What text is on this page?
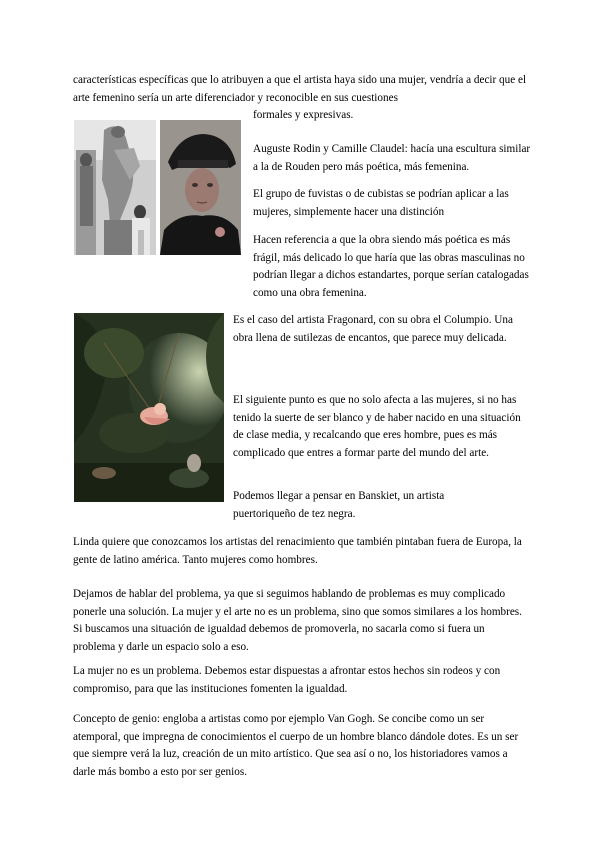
características específicas que lo atribuyen a que el artista haya sido una mujer, vendría a decir que el arte femenino sería un arte diferenciador y reconocible en sus cuestiones

formales y expresivas.

Auguste Rodin y Camille Claudel: hacía una escultura similar a la de Rouden pero más poética, más femenina.

El grupo de fuvistas o de cubistas se podrían aplicar a las mujeres, simplemente hacer una distinción

Hacen referencia a que la obra siendo más poética es más frágil, más delicado lo que haría que las obras masculinas no podrían llegar a dichos estandartes, porque serían catalogadas como una obra femenina.

Es el caso del artista Fragonard, con su obra el Columpio. Una obra llena de sutilezas de encantos, que parece muy delicada.

El siguiente punto es que no solo afecta a las mujeres, si no has tenido la suerte de ser blanco y de haber nacido en una situación de clase media, y recalcando que eres hombre, pues es más complicado que entres a formar parte del mundo del arte.

Podemos llegar a pensar en Banskiet, un artista puertoriqueño de tez negra.

Linda quiere que conozcamos los artistas del renacimiento que también pintaban fuera de Europa, la gente de latino américa. Tanto mujeres como hombres.

Dejamos de hablar del problema, ya que si seguimos hablando de problemas es muy complicado ponerle una solución. La mujer y el arte no es un problema, sino que somos similares a los hombres. Si buscamos una situación de igualdad debemos de promoverla, no sacarla como si fuera un problema y darle un espacio solo a eso.

La mujer no es un problema. Debemos estar dispuestas a afrontar estos hechos sin rodeos y con compromiso, para que las instituciones fomenten la igualdad.

Concepto de genio: engloba a artistas como por ejemplo Van Gogh. Se concibe como un ser atemporal, que impregna de conocimientos el cuerpo de un hombre blanco dándole dotes. Es un ser que siempre verá la luz, creación de un mito artístico. Que sea así o no, los historiadores vamos a darle más bombo a esto por ser genios.
